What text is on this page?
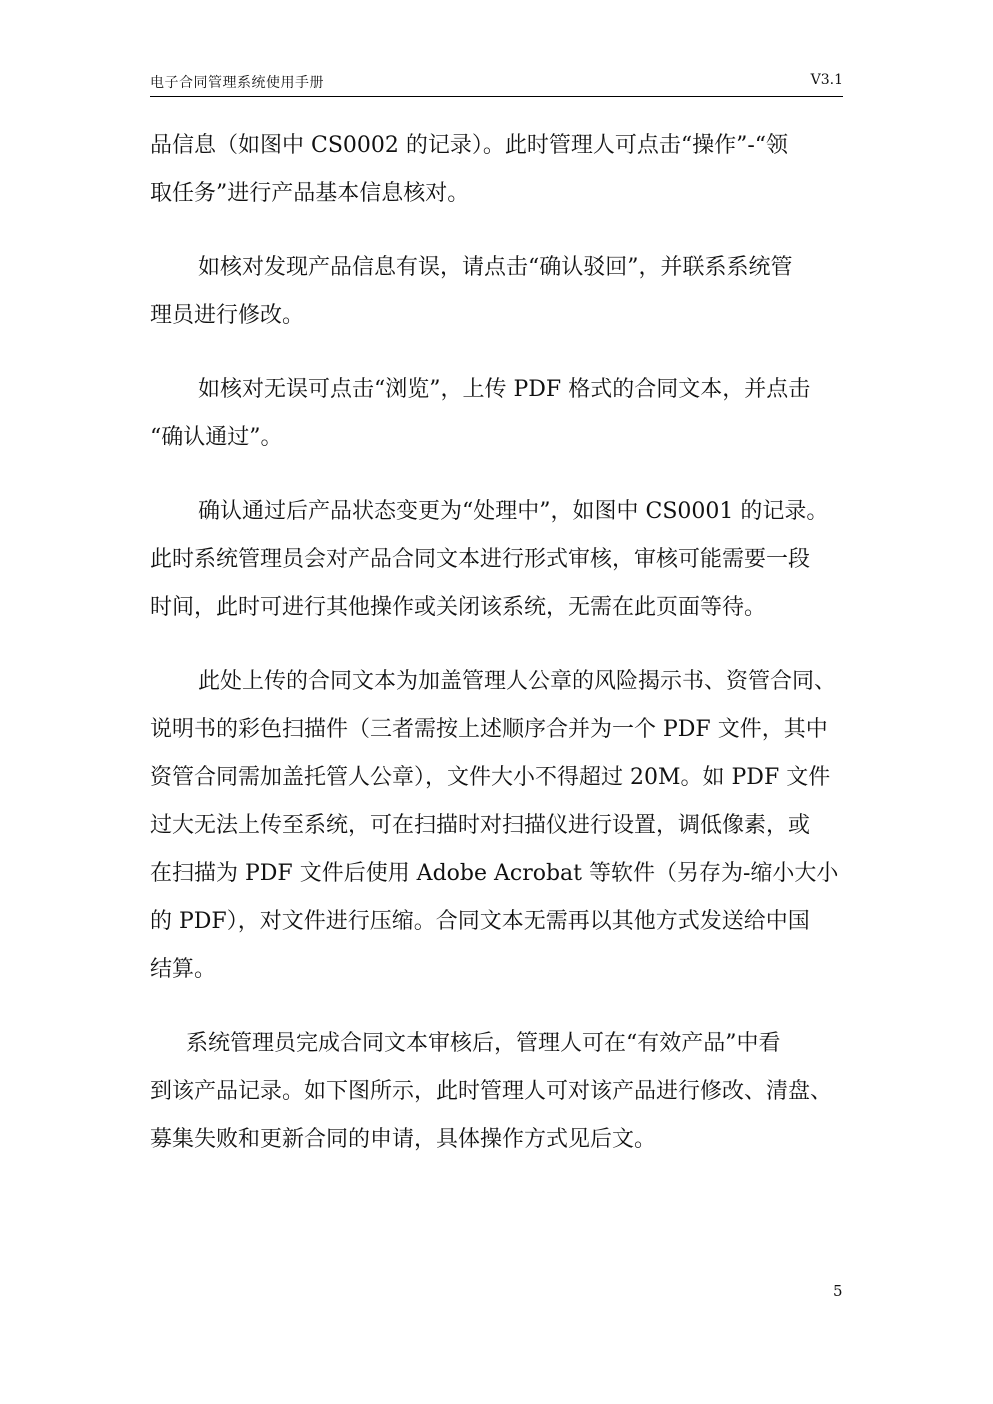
电子合同管理系统使用手册	V3.1

品信息（如图中 CS0002 的记录）。此时管理人可点击“操作”-“领
取任务”进行产品基本信息核对。

如核对发现产品信息有误，请点击“确认驳回”，并联系系统管
理员进行修改。

如核对无误可点击“浏览”，上传 PDF 格式的合同文本，并点击
“确认通过”。

确认通过后产品状态变更为“处理中”，如图中 CS0001 的记录。
此时系统管理员会对产品合同文本进行形式审核，审核可能需要一段
时间，此时可进行其他操作或关闭该系统，无需在此页面等待。

此处上传的合同文本为加盖管理人公章的风险揭示书、资管合同、
说明书的彩色扫描件（三者需按上述顺序合并为一个 PDF 文件，其中
资管合同需加盖托管人公章），文件大小不得超过 20M。如 PDF 文件
过大无法上传至系统，可在扫描时对扫描仪进行设置，调低像素，或
在扫描为 PDF 文件后使用 Adobe Acrobat 等软件（另存为-缩小大小
的 PDF），对文件进行压缩。合同文本无需再以其他方式发送给中国
结算。

系统管理员完成合同文本审核后，管理人可在“有效产品”中看
到该产品记录。如下图所示，此时管理人可对该产品进行修改、清盘、
募集失败和更新合同的申请，具体操作方式见后文。

5
